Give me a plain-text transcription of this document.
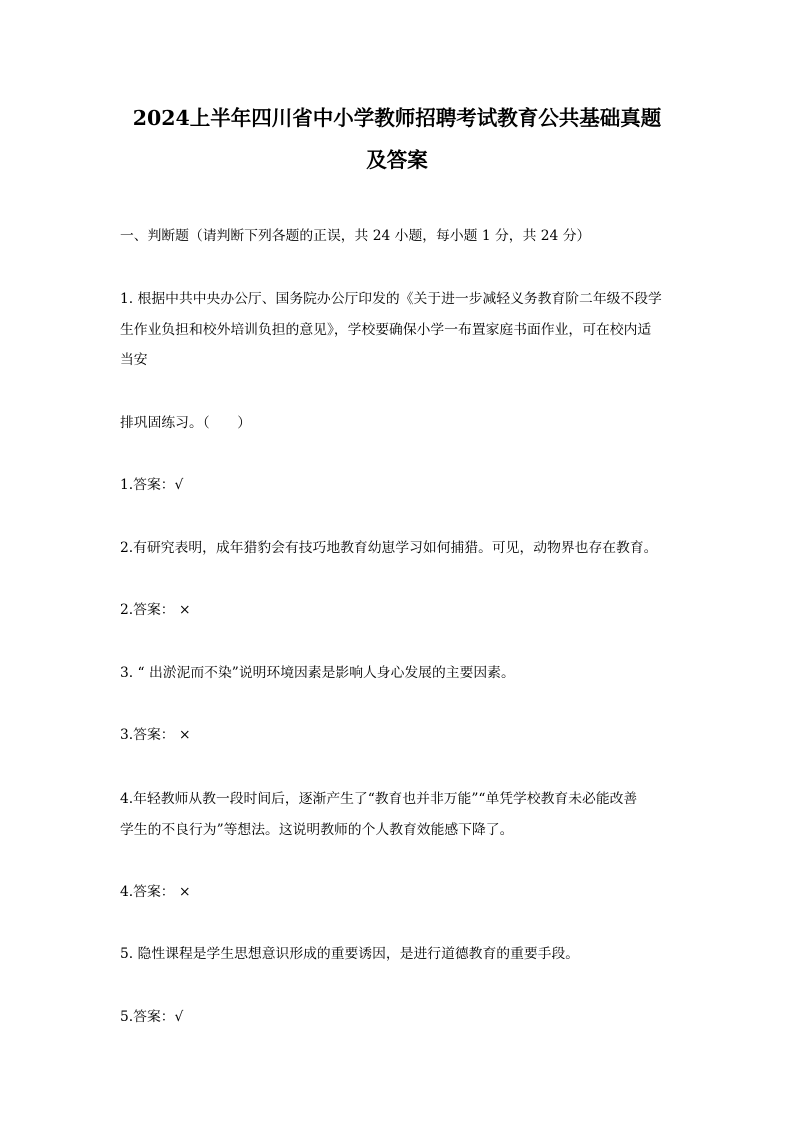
2024上半年四川省中小学教师招聘考试教育公共基础真题
及答案
一、判断题（请判断下列各题的正误，共 24 小题，每小题 1 分，共 24 分）
1. 根据中共中央办公厅、国务院办公厅印发的《关于进一步减轻义务教育阶二年级不段学
生作业负担和校外培训负担的意见》，学校要确保小学一布置家庭书面作业，可在校内适
当安
排巩固练习。（　　）
1.答案：√
2.有研究表明，成年猎豹会有技巧地教育幼崽学习如何捕猎。可见，动物界也存在教育。
2.答案： ×
3. “ 出淤泥而不染”说明环境因素是影响人身心发展的主要因素。
3.答案： ×
4.年轻教师从教一段时间后，逐渐产生了“教育也并非万能”“单凭学校教育未必能改善
学生的不良行为”等想法。这说明教师的个人教育效能感下降了。
4.答案： ×
5. 隐性课程是学生思想意识形成的重要诱因，是进行道德教育的重要手段。
5.答案：√
